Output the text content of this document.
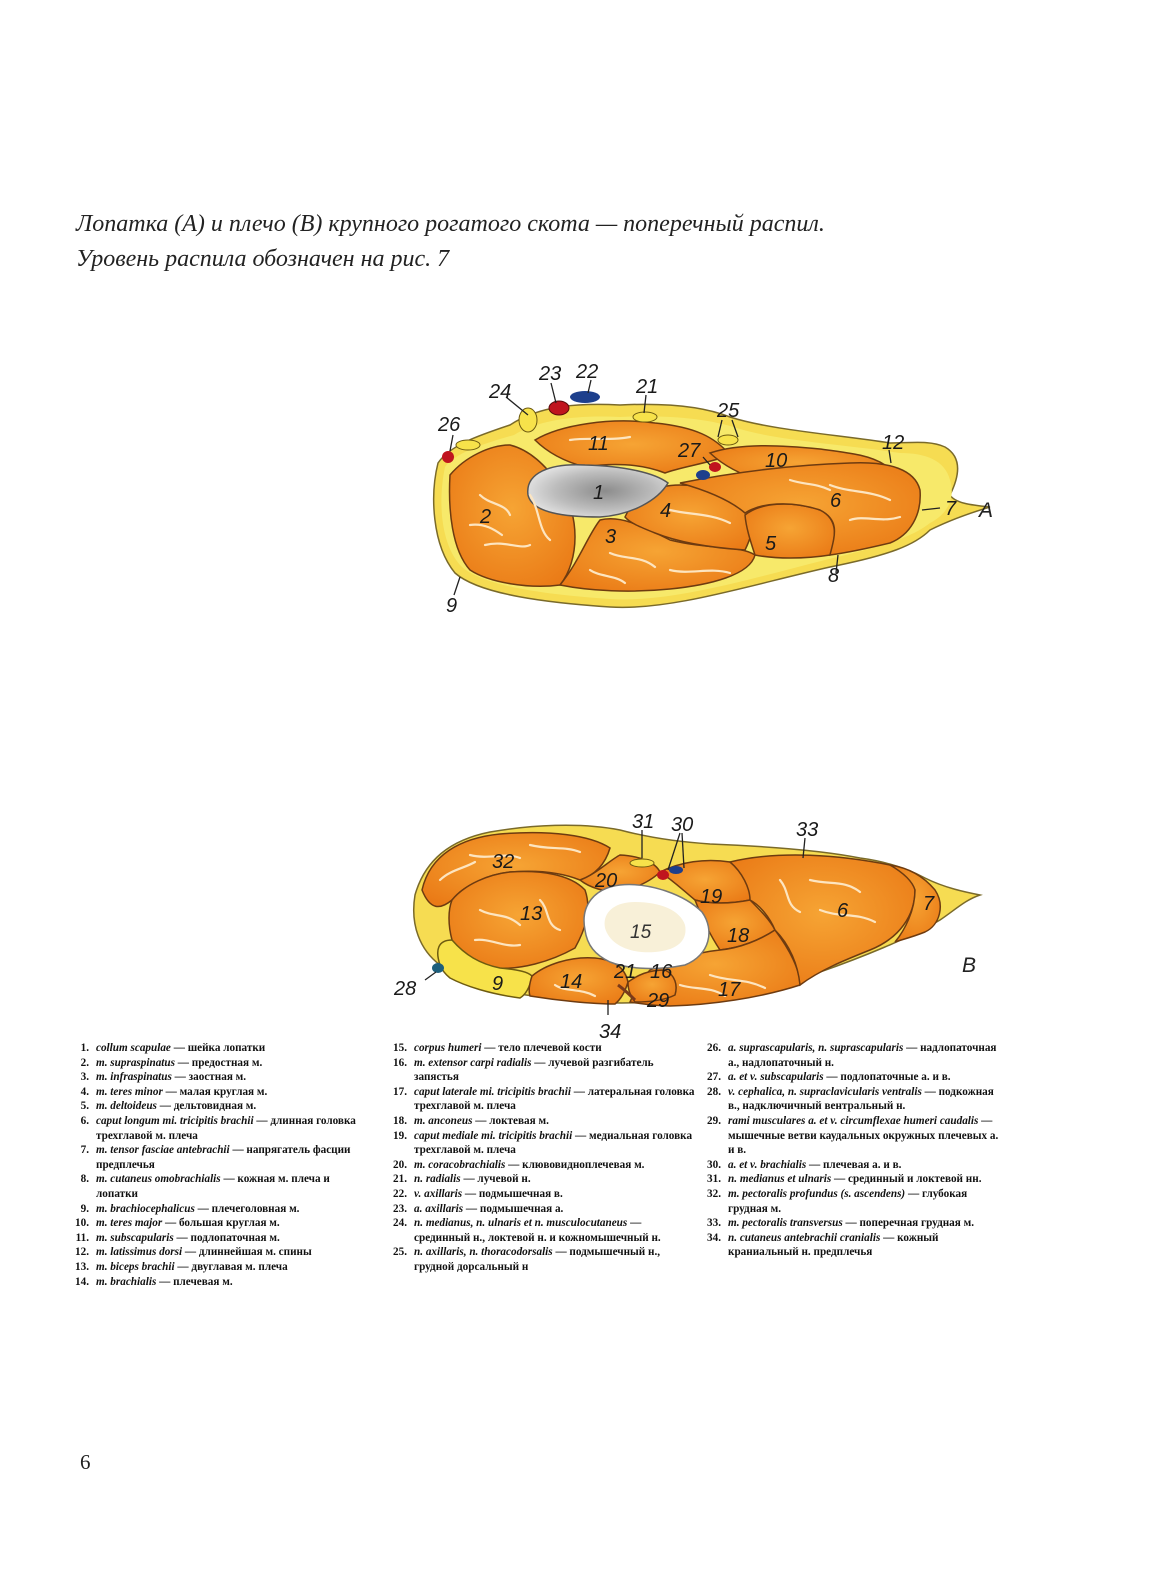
Лопатка (А) и плечо (В) крупного рогатого скота — поперечный распил.
Уровень распила обозначен на рис. 7
1
2
3
4
5
6	7
8
9
10
11	12
21
22
23
24
25
26
27
A
6	7
9
13
14
15
16
17
18
19
20
21
28
29
30
31
32
33
34
B
1. collum scapulae — шейка лопатки
2. m. supraspinatus — предостная м.
3. m. infraspinatus — заостная м.
4. m. teres minor — малая круглая м.
5. m. deltoideus — дельтовидная м.
6. caput longum mi. tricipitis brachii — длинная головка трехглавой м. плеча
7. m. tensor fasciae antebrachii — напрягатель фасции предплечья
8. m. cutaneus omobrachialis — кожная м. плеча и лопатки
9. m. brachiocephalicus — плечеголовная м.
10. m. teres major — большая круглая м.
11. m. subscapularis — подлопаточная м.
12. m. latissimus dorsi — длиннейшая м. спины
13. m. biceps brachii — двуглавая м. плеча
14. m. brachialis — плечевая м.
15. corpus humeri — тело плечевой кости
16. m. extensor carpi radialis — лучевой разгибатель запястья
17. caput laterale mi. tricipitis brachii — латеральная головка трехглавой м. плеча
18. m. anconeus — локтевая м.
19. caput mediale mi. tricipitis brachii — медиальная головка трехглавой м. плеча
20. m. coracobrachialis — клювовидноплечевая м.
21. n. radialis — лучевой н.
22. v. axillaris — подмышечная в.
23. a. axillaris — подмышечная а.
24. n. medianus, n. ulnaris et n. musculocutaneus — срединный н., локтевой н. и кожномышечный н.
25. n. axillaris, n. thoracodorsalis — подмышечный н., грудной дорсальный н
26. a. suprascapularis, n. suprascapularis — надлопаточная а., надлопаточный н.
27. a. et v. subscapularis — подлопаточные а. и в.
28. v. cephalica, n. supraclavicularis ventralis — подкожная в., надключичный вентральный н.
29. rami musculares a. et v. circumflexae humeri caudalis — мышечные ветви каудальных окружных плечевых а. и в.
30. a. et v. brachialis — плечевая а. и в.
31. n. medianus et ulnaris — срединный и локтевой нн.
32. m. pectoralis profundus (s. ascendens) — глубокая грудная м.
33. m. pectoralis transversus — поперечная грудная м.
34. n. cutaneus antebrachii cranialis — кожный краниальный н. предплечья
6
